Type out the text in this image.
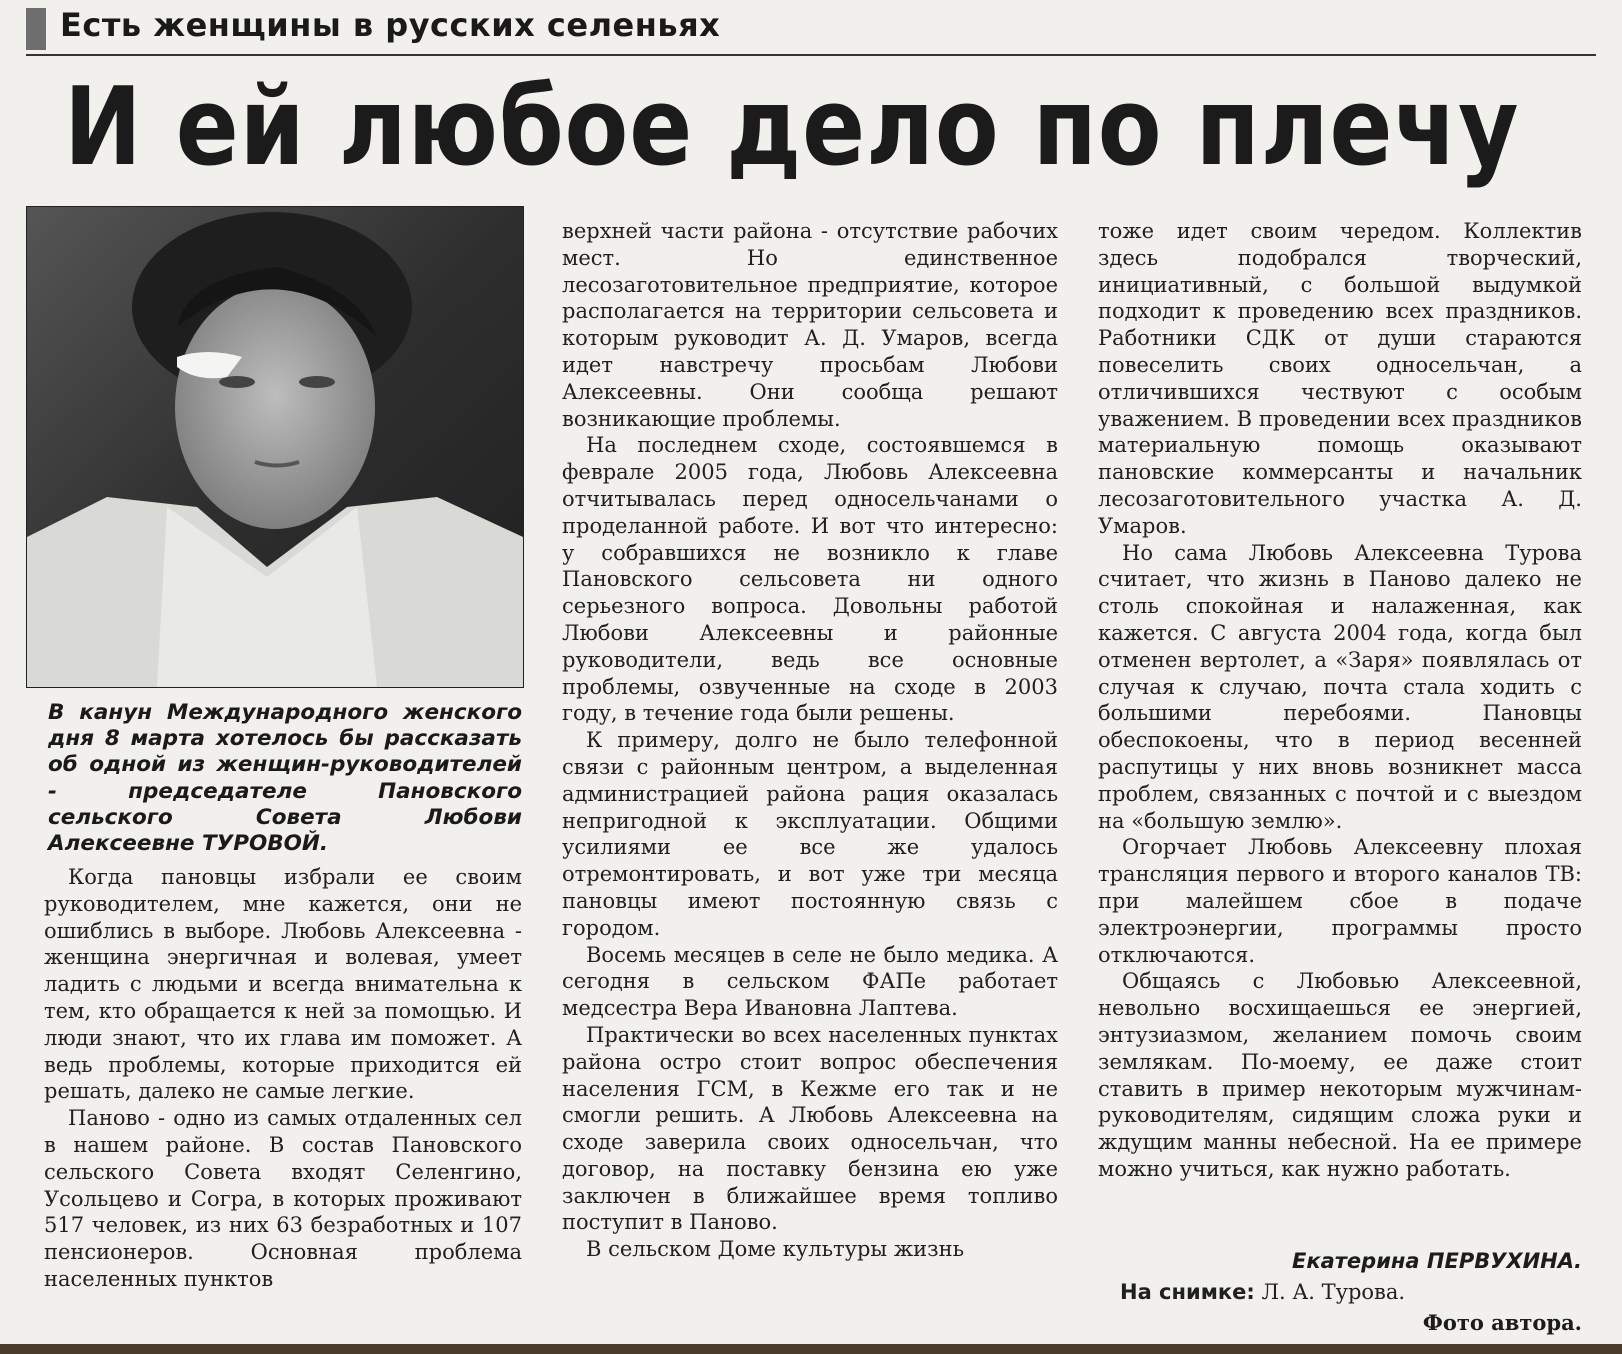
Есть женщины в русских селеньях
И ей любое дело по плечу
В канун Международного женского дня 8 марта хотелось бы рассказать об одной из женщин-руководителей - председателе Пановского сельского Совета Любови Алексеевне ТУРОВОЙ.

Когда пановцы избрали ее своим руководителем, мне кажется, они не ошиблись в выборе. Любовь Алексеевна - женщина энергичная и волевая, умеет ладить с людьми и всегда внимательна к тем, кто обращается к ней за помощью. И люди знают, что их глава им поможет. А ведь проблемы, которые приходится ей решать, далеко не самые легкие.

Паново - одно из самых отдаленных сел в нашем районе. В состав Пановского сельского Совета входят Селенгино, Усольцево и Согра, в которых проживают 517 человек, из них 63 безработных и 107 пенсионеров. Основная проблема населенных пунктов

верхней части района - отсутствие рабочих мест. Но единственное лесозаготовительное предприятие, которое располагается на территории сельсовета и которым руководит А. Д. Умаров, всегда идет навстречу просьбам Любови Алексеевны. Они сообща решают возникающие проблемы.

На последнем сходе, состоявшемся в феврале 2005 года, Любовь Алексеевна отчитывалась перед односельчанами о проделанной работе. И вот что интересно: у собравшихся не возникло к главе Пановского сельсовета ни одного серьезного вопроса. Довольны работой Любови Алексеевны и районные руководители, ведь все основные проблемы, озвученные на сходе в 2003 году, в течение года были решены.

К примеру, долго не было телефонной связи с районным центром, а выделенная администрацией района рация оказалась непригодной к эксплуатации. Общими усилиями ее все же удалось отремонтировать, и вот уже три месяца пановцы имеют постоянную связь с городом.

Восемь месяцев в селе не было медика. А сегодня в сельском ФАПе работает медсестра Вера Ивановна Лаптева.

Практически во всех населенных пунктах района остро стоит вопрос обеспечения населения ГСМ, в Кежме его так и не смогли решить. А Любовь Алексеевна на сходе заверила своих односельчан, что договор, на поставку бензина ею уже заключен в ближайшее время топливо поступит в Паново.

В сельском Доме культуры жизнь

тоже идет своим чередом. Коллектив здесь подобрался творческий, инициативный, с большой выдумкой подходит к проведению всех праздников. Работники СДК от души стараются повеселить своих односельчан, а отличившихся чествуют с особым уважением. В проведении всех праздников материальную помощь оказывают пановские коммерсанты и начальник лесозаготовительного участка А. Д. Умаров.

Но сама Любовь Алексеевна Турова считает, что жизнь в Паново далеко не столь спокойная и налаженная, как кажется. С августа 2004 года, когда был отменен вертолет, а «Заря» появлялась от случая к случаю, почта стала ходить с большими перебоями. Пановцы обеспокоены, что в период весенней распутицы у них вновь возникнет масса проблем, связанных с почтой и с выездом на «большую землю».

Огорчает Любовь Алексеевну плохая трансляция первого и второго каналов ТВ: при малейшем сбое в подаче электроэнергии, программы просто отключаются.

Общаясь с Любовью Алексеевной, невольно восхищаешься ее энергией, энтузиазмом, желанием помочь своим землякам. По-моему, ее даже стоит ставить в пример некоторым мужчинам-руководителям, сидящим сложа руки и ждущим манны небесной. На ее примере можно учиться, как нужно работать.

Екатерина ПЕРВУХИНА.
На снимке: Л. А. Турова.
Фото автора.
